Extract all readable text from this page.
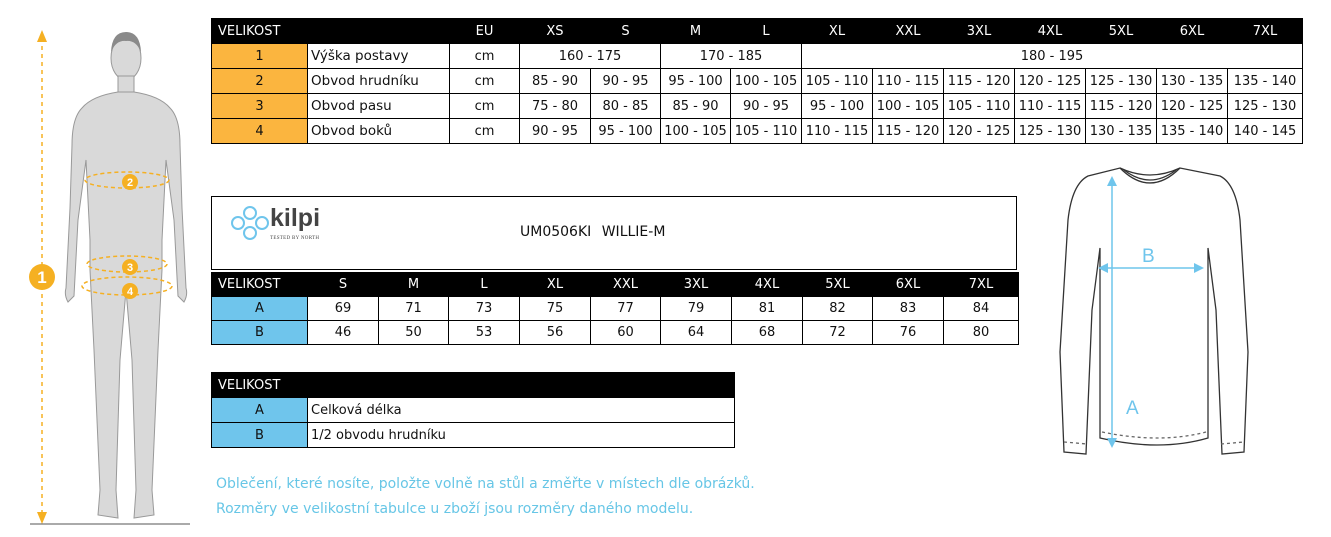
1
2
3
4
VELIKOST		EU	XS	S	M	L	XL	XXL	3XL	4XL	5XL	6XL	7XL
1	Výška postavy	cm	160 - 175		170 - 185		180 - 195						
2	Obvod hrudníku	cm	85 - 90	90 - 95	95 - 100	100 - 105	105 - 110	110 - 115	115 - 120	120 - 125	125 - 130	130 - 135	135 - 140
3	Obvod pasu	cm	75 - 80	80 - 85	85 - 90	90 - 95	95 - 100	100 - 105	105 - 110	110 - 115	115 - 120	120 - 125	125 - 130
4	Obvod boků	cm	90 - 95	95 - 100	100 - 105	105 - 110	110 - 115	115 - 120	120 - 125	125 - 130	130 - 135	135 - 140	140 - 145
kilpi
TESTED BY NORTH	UM0506KI WILLIE-M
VELIKOST	S	M	L	XL	XXL	3XL	4XL	5XL	6XL	7XL
A	69	71	73	75	77	79	81	82	83	84
B	46	50	53	56	60	64	68	72	76	80
VELIKOST	
A	Celková délka
B	1/2 obvodu hrudníku
Oblečení, které nosíte, položte volně na stůl a změřte v místech dle obrázků.
Rozměry ve velikostní tabulce u zboží jsou rozměry daného modelu.
A
B
